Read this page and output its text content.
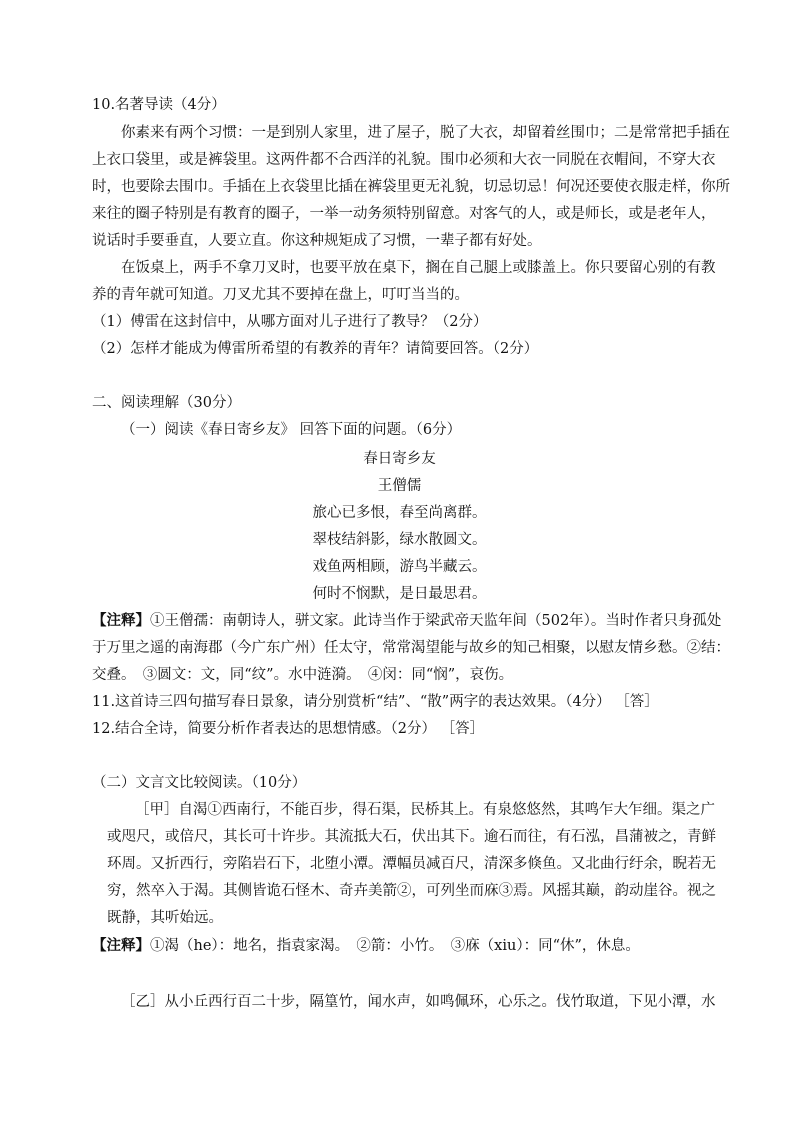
10.名著导读（4分）
你素来有两个习惯：一是到别人家里，进了屋子，脱了大衣，却留着丝围巾；二是常常把手插在
上衣口袋里，或是裤袋里。这两件都不合西洋的礼貌。围巾必须和大衣一同脱在衣帽间，不穿大衣
时，也要除去围巾。手插在上衣袋里比插在裤袋里更无礼貌，切忌切忌！何况还要使衣服走样，你所
来往的圈子特别是有教育的圈子，一举一动务须特别留意。对客气的人，或是师长，或是老年人，
说话时手要垂直，人要立直。你这种规矩成了习惯，一辈子都有好处。
在饭桌上，两手不拿刀叉时，也要平放在桌下，搁在自己腿上或膝盖上。你只要留心别的有教
养的青年就可知道。刀叉尤其不要掉在盘上，叮叮当当的。
（1）傅雷在这封信中，从哪方面对儿子进行了教导？（2分）
（2）怎样才能成为傅雷所希望的有教养的青年？请简要回答。（2分）
二、阅读理解（30分）
（一）阅读《春日寄乡友》 回答下面的问题。（6分）
春日寄乡友
王僧儒
旅心已多恨，春至尚离群。
翠枝结斜影，绿水散圆文。
戏鱼两相顾，游鸟半藏云。
何时不悯默，是日最思君。
【注释】①王僧孺：南朝诗人，骈文家。此诗当作于梁武帝天监年间（502年）。当时作者只身孤处
于万里之遥的南海郡（今广东广州）任太守，常常渴望能与故乡的知己相聚，以慰友情乡愁。②结：
交叠。　③圆文：文，同“纹”。水中涟漪。　④闵：同“悯”，哀伤。
11.这首诗三四句描写春日景象，请分别赏析“结”、“散”两字的表达效果。（4分） ［答］
12.结合全诗，简要分析作者表达的思想情感。（2分） ［答］
（二）文言文比较阅读。（10分）
［甲］自渴①西南行，不能百步，得石渠，民桥其上。有泉悠悠然，其鸣乍大乍细。渠之广
或咫尺，或倍尺，其长可十许步。其流抵大石，伏出其下。逾石而往，有石泓，昌蒲被之，青鲜
环周。又折西行，旁陷岩石下，北堕小潭。潭幅员减百尺，清深多倏鱼。又北曲行纡余，睨若无
穷，然卒入于渴。其侧皆诡石怪木、奇卉美箭②，可列坐而庥③焉。风摇其巅，韵动崖谷。视之
既静，其听始远。
【注释】①渴（he）：地名，指袁家渴。　②箭：小竹。　③庥（xiu）：同“休”，休息。
［乙］从小丘西行百二十步，隔篁竹，闻水声，如鸣佩环，心乐之。伐竹取道，下见小潭，水
